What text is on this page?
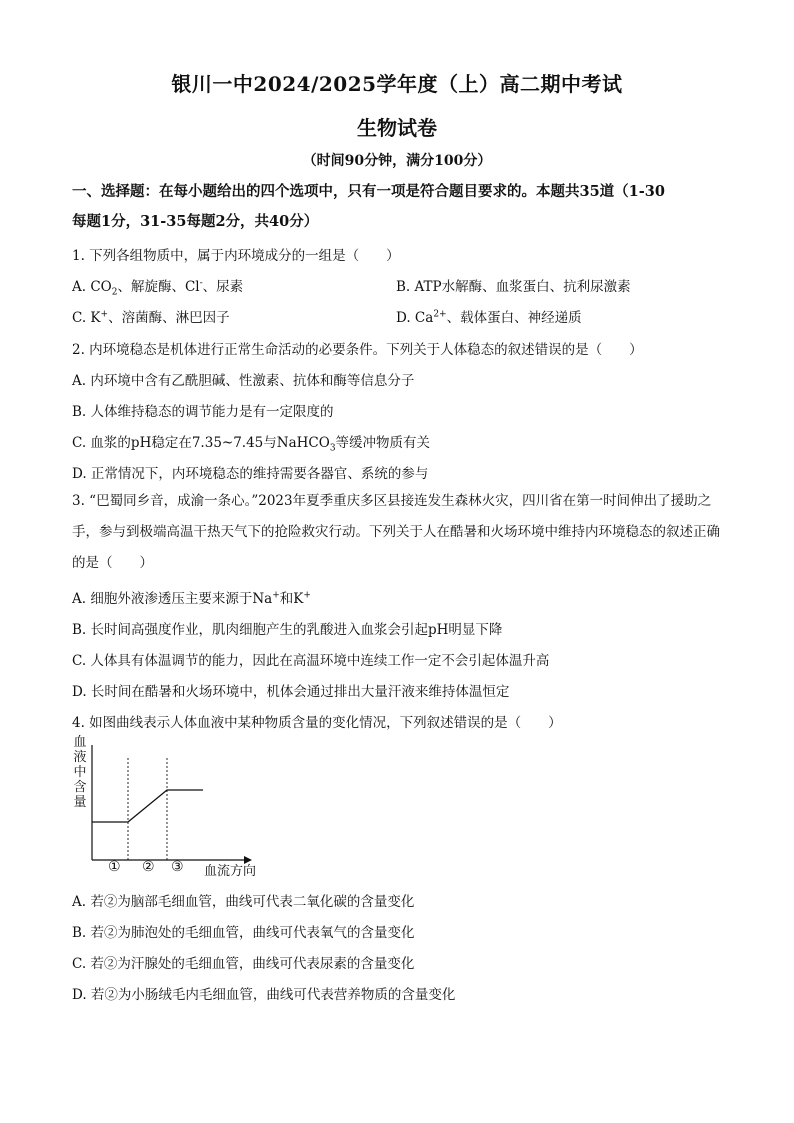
银川一中2024/2025学年度（上）高二期中考试
生物试卷
（时间90分钟，满分100分）
一、选择题：在每小题给出的四个选项中，只有一项是符合题目要求的。本题共35道（1-30
每题1分，31-35每题2分，共40分）
1. 下列各组物质中，属于内环境成分的一组是（　　）
A. $CO_2$、解旋酶、Cl-、尿素	B. ATP水解酶、血浆蛋白、抗利尿激素
C. K+、溶菌酶、淋巴因子	D. $Ca^{2+}$、载体蛋白、神经递质
2. 内环境稳态是机体进行正常生命活动的必要条件。下列关于人体稳态的叙述错误的是（　　）
A. 内环境中含有乙酰胆碱、性激素、抗体和酶等信息分子
B. 人体维持稳态的调节能力是有一定限度的
C. 血浆的pH稳定在7.35~7.45与NaHCO$_3$等缓冲物质有关
D. 正常情况下，内环境稳态的维持需要各器官、系统的参与
3. “巴蜀同乡音，成渝一条心。”2023年夏季重庆多区县接连发生森林火灾，四川省在第一时间伸出了援助之手，参与到极端高温干热天气下的抢险救灾行动。下列关于人在酷暑和火场环境中维持内环境稳态的叙述正确的是（　　）
A. 细胞外液渗透压主要来源于Na+和K+
B. 长时间高强度作业，肌肉细胞产生的乳酸进入血浆会引起pH明显下降
C. 人体具有体温调节的能力，因此在高温环境中连续工作一定不会引起体温升高
D. 长时间在酷暑和火场环境中，机体会通过排出大量汗液来维持体温恒定
4. 如图曲线表示人体血液中某种物质含量的变化情况，下列叙述错误的是（　　）
血液中含量
① ② ③ 血流方向
A. 若②为脑部毛细血管，曲线可代表二氧化碳的含量变化
B. 若②为肺泡处的毛细血管，曲线可代表氧气的含量变化
C. 若②为汗腺处的毛细血管，曲线可代表尿素的含量变化
D. 若②为小肠绒毛内毛细血管，曲线可代表营养物质的含量变化
